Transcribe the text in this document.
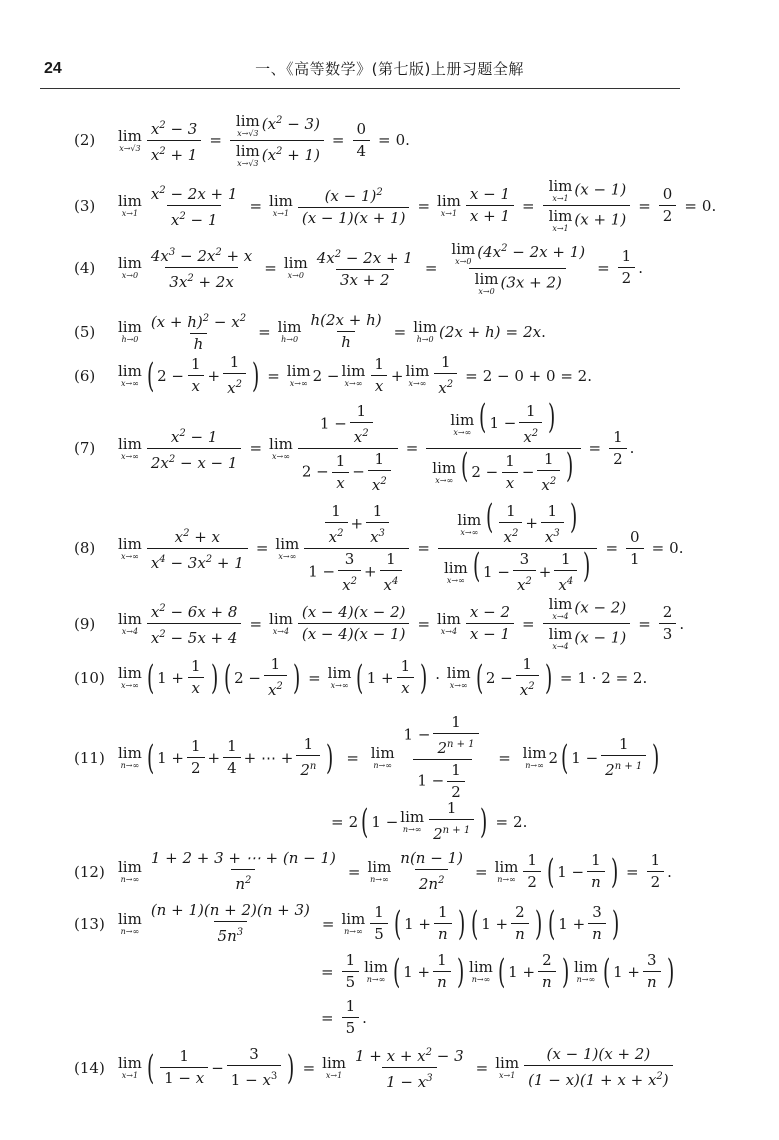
24	一、《高等数学》(第七版)上册习题全解
(2)	lim
$x\to√3 \frac{x^2 - 3}{x^2 + 1} = \lim$
x→√3 $(x^2 - 3)$
lim
x→√3 $(x^2 + 1) = \frac{0}{4} = 0$ .
(3)	lim
$x\to 1 \frac{x^2 - 2x + 1}{x^2 - 1} = \lim$
$x\to 1 \frac{(x - 1)^2}{(x - 1)(x + 1)} = \lim$
$x\to 1 \frac{x - 1}{x + 1} = \lim$
x→1 (x − 1)
lim
x→1 $(x + 1) = \frac{0}{2} = 0$ .
(4)	lim
$x\to 0 \frac{4x^3 - 2x^2 + x}{3x^2 + 2x} = \lim$
$x\to 0 \frac{4x^2 - 2x + 1}{3x + 2} = \lim$
x→0 $(4x^2 - 2x + 1)$
lim
x→0 $(3x + 2) = \frac{1}{2}$ .
(5)	lim
$h\to 0 \frac{(x + h)^2 - x^2}{h} = \lim$
$h\to 0 \frac{h(2x + h)}{h} = \lim$
h→0 (2x + h) = 2x .
(6)	lim
x→∞ ( $2 - \frac{1}{x} + \frac{1}{x^2}$ ) = lim
x→∞ 2 − lim
$x\to\infty \frac{1}{x} + \lim$
$x\to\infty \frac{1}{x^2} = 2 - 0 + 0 = 2$ .
(7)	lim
$x\to\infty \frac{x^2 - 1}{2x^2 - x - 1} = \lim$
$x\to\infty \frac{1 - \frac{1}{x^2}}{2 - \frac{1}{x} - \frac{1}{x^2}} = \lim$
x→∞ ( $1 - \frac{1}{x^2}$ )
lim
x→∞ ( $2 - \frac{1}{x} - \frac{1}{x^2}$ ) = $\frac{1}{2}$ .
(8)	lim
$x\to\infty \frac{x^2 + x}{x^4 - 3x^2 + 1} = \lim$
$x\to\infty \frac{\frac{1}{x^2} + \frac{1}{x^3}}{1 - \frac{3}{x^2} + \frac{1}{x^4}} = \lim$
x→∞ ( $\frac{1}{x^2} + \frac{1}{x^3}$ )
lim
x→∞ ( $1 - \frac{3}{x^2} + \frac{1}{x^4}$ ) = $\frac{0}{1} = 0$ .
(9)	lim
$x\to 4 \frac{x^2 - 6x + 8}{x^2 - 5x + 4} = \lim$
$x\to 4 \frac{(x - 4)(x - 2)}{(x - 4)(x - 1)} = \lim$
$x\to 4 \frac{x - 2}{x - 1} = \lim$
x→4 (x − 2)
lim
x→4 $(x - 1) = \frac{2}{3}$ .
(10) lim
x→∞ ( $1 + \frac{1}{x}$ ) ( $2 - \frac{1}{x^2}$ ) = lim
x→∞ ( $1 + \frac{1}{x}$ ) · lim
x→∞ ( $2 - \frac{1}{x^2}$ ) = 1 · 2 = 2 .
(11) lim
n→∞ ( $1 + \frac{1}{2} + \frac{1}{4}$ + ⋯ + $\frac{1}{2^n}$ ) = lim
$n\to\infty \frac{1 - \frac{1}{2^{n + 1}}}{1 - \frac{1}{2}} = \lim$
n→∞ 2 ( $1 - \frac{1}{2^{n + 1}}$ )
= 2 ( 1 − lim
$n\to\infty \frac{1}{2^{n + 1}}$ ) = 2 .
(12) lim
$n\to\infty \frac{1 + 2 + 3 + \cdots + (n - 1)}{n^2} = \lim$
$n\to\infty \frac{n(n - 1)}{2n^2} = \lim$
$n\to\infty \frac{1}{2}$ ( $1 - \frac{1}{n}$ ) = $\frac{1}{2}$ .
(13) lim
$n\to\infty \frac{(n + 1)(n + 2)(n + 3)}{5n^3} = \lim$
$n\to\infty \frac{1}{5}$ ( $1 + \frac{1}{n}$ ) ( $1 + \frac{2}{n}$ ) ( $1 + \frac{3}{n}$ )
= $\frac{1}{5}$ lim
n→∞ ( $1 + \frac{1}{n}$ ) lim
n→∞ ( $1 + \frac{2}{n}$ ) lim
n→∞ ( $1 + \frac{3}{n}$ )
= $\frac{1}{5}$ .
(14) lim
x→1 ( $\frac{1}{1 - x} - \frac{3}{1 - x^3}$ ) = lim
$x\to 1 \frac{1 + x + x^2 - 3}{1 - x^3} = \lim$
$x\to 1 \frac{(x - 1)(x + 2)}{(1 - x)(1 + x + x^2)}$
